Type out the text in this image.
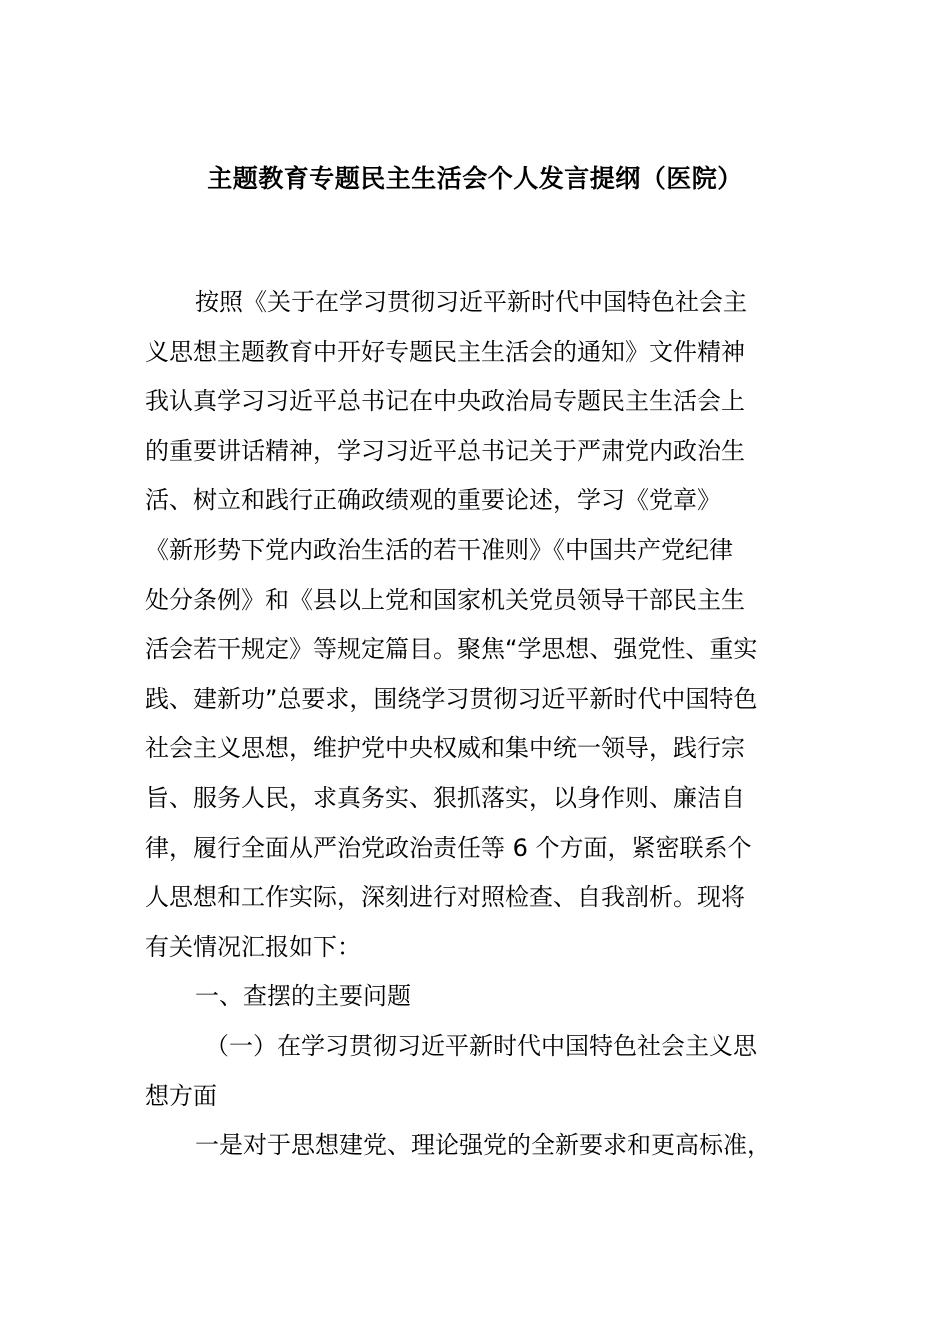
主题教育专题民主生活会个人发言提纲（医院）
按照《关于在学习贯彻习近平新时代中国特色社会主
义思想主题教育中开好专题民主生活会的通知》文件精神
我认真学习习近平总书记在中央政治局专题民主生活会上
的重要讲话精神，学习习近平总书记关于严肃党内政治生
活、树立和践行正确政绩观的重要论述，学习《党章》
《新形势下党内政治生活的若干准则》《中国共产党纪律
处分条例》和《县以上党和国家机关党员领导干部民主生
活会若干规定》等规定篇目。聚焦“学思想、强党性、重实
践、建新功”总要求，围绕学习贯彻习近平新时代中国特色
社会主义思想，维护党中央权威和集中统一领导，践行宗
旨、服务人民，求真务实、狠抓落实，以身作则、廉洁自
律，履行全面从严治党政治责任等 6 个方面，紧密联系个
人思想和工作实际，深刻进行对照检查、自我剖析。现将
有关情况汇报如下：
一、查摆的主要问题
（一）在学习贯彻习近平新时代中国特色社会主义思
想方面
一是对于思想建党、理论强党的全新要求和更高标准，
